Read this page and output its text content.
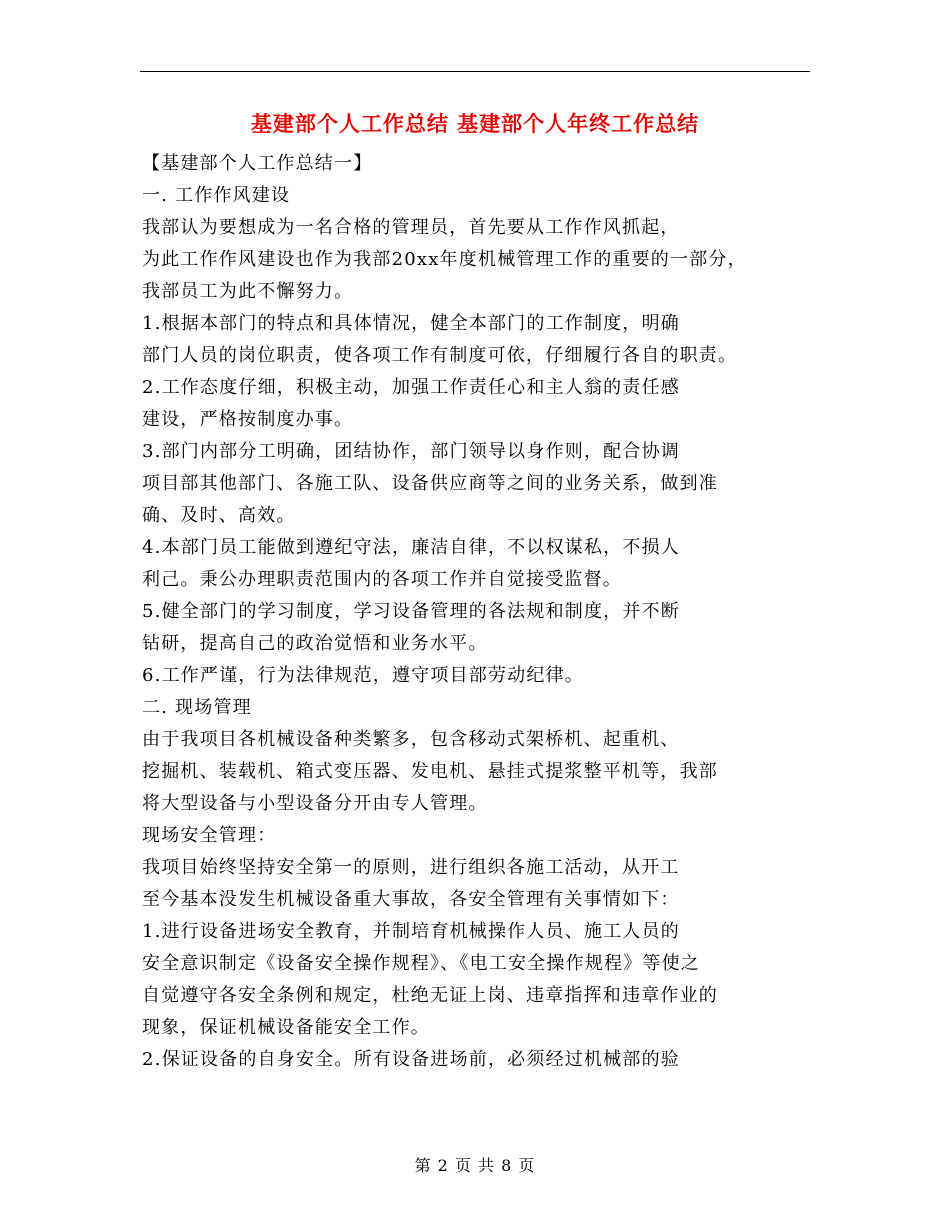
基建部个人工作总结 基建部个人年终工作总结

【基建部个人工作总结一】

一. 工作作风建设

我部认为要想成为一名合格的管理员，首先要从工作作风抓起，

为此工作作风建设也作为我部20xx年度机械管理工作的重要的一部分，

我部员工为此不懈努力。

1.根据本部门的特点和具体情况，健全本部门的工作制度，明确

部门人员的岗位职责，使各项工作有制度可依，仔细履行各自的职责。

2.工作态度仔细，积极主动，加强工作责任心和主人翁的责任感

建设，严格按制度办事。

3.部门内部分工明确，团结协作，部门领导以身作则，配合协调

项目部其他部门、各施工队、设备供应商等之间的业务关系，做到准

确、及时、高效。

4.本部门员工能做到遵纪守法，廉洁自律，不以权谋私，不损人

利己。秉公办理职责范围内的各项工作并自觉接受监督。

5.健全部门的学习制度，学习设备管理的各法规和制度，并不断

钻研，提高自己的政治觉悟和业务水平。

6.工作严谨，行为法律规范，遵守项目部劳动纪律。

二. 现场管理

由于我项目各机械设备种类繁多，包含移动式架桥机、起重机、

挖掘机、装载机、箱式变压器、发电机、悬挂式提浆整平机等，我部

将大型设备与小型设备分开由专人管理。

现场安全管理：

我项目始终坚持安全第一的原则，进行组织各施工活动，从开工

至今基本没发生机械设备重大事故，各安全管理有关事情如下：

1.进行设备进场安全教育，并制培育机械操作人员、施工人员的

安全意识制定《设备安全操作规程》、《电工安全操作规程》等使之

自觉遵守各安全条例和规定，杜绝无证上岗、违章指挥和违章作业的

现象，保证机械设备能安全工作。

2.保证设备的自身安全。所有设备进场前，必须经过机械部的验

第 2 页 共 8 页
